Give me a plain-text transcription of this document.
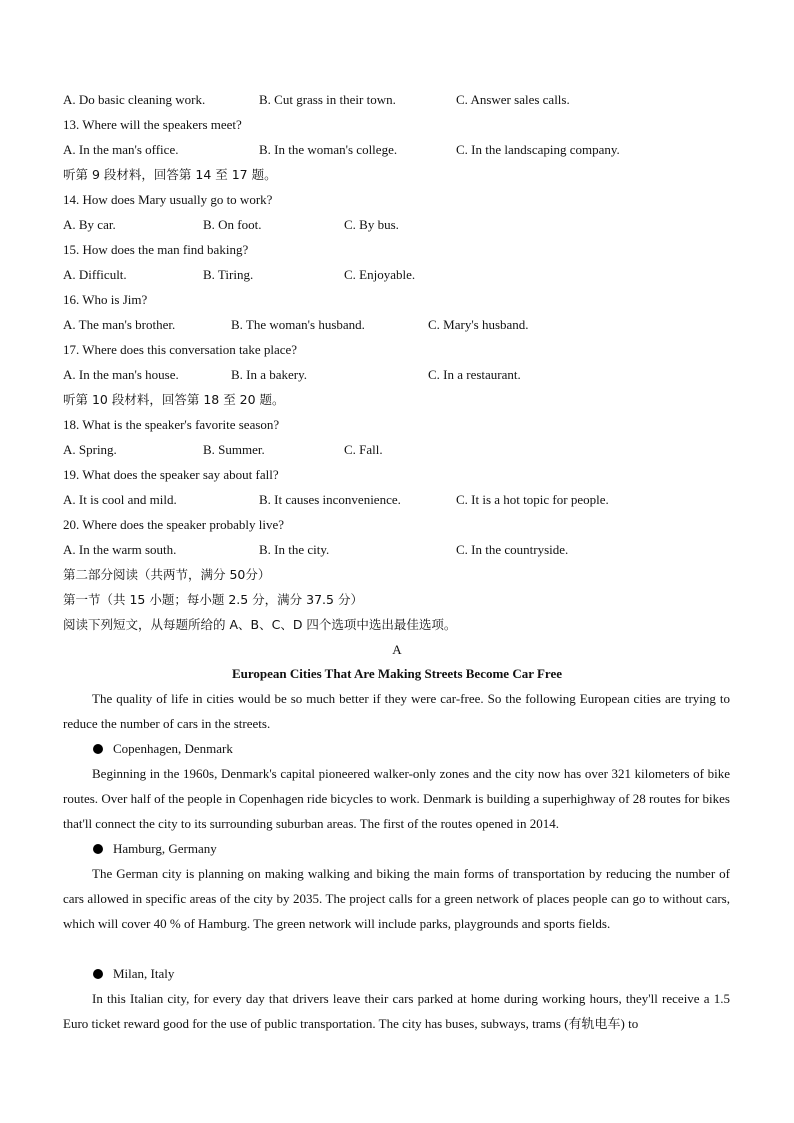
A. Do basic cleaning work.	B. Cut grass in their town.	C. Answer sales calls.
13. Where will the speakers meet?
A. In the man's office.	B. In the woman's college.	C. In the landscaping company.
听第 9 段材料，回答第 14 至 17 题。
14. How does Mary usually go to work?
A. By car.	B. On foot.	C. By bus.
15. How does the man find baking?
A. Difficult.	B. Tiring.	C. Enjoyable.
16. Who is Jim?
A. The man's brother.	B. The woman's husband.	C. Mary's husband.
17. Where does this conversation take place?
A. In the man's house.	B. In a bakery.	C. In a restaurant.
听第 10 段材料，回答第 18 至 20 题。
18. What is the speaker's favorite season?
A. Spring.	B. Summer.	C. Fall.
19. What does the speaker say about fall?
A. It is cool and mild.	B. It causes inconvenience.	C. It is a hot topic for people.
20. Where does the speaker probably live?
A. In the warm south.	B. In the city.	C. In the countryside.
第二部分阅读（共两节，满分 50分）
第一节（共 15 小题；每小题 2.5 分，满分 37.5 分）
阅读下列短文，从每题所给的 A、B、C、D 四个选项中选出最佳选项。
A
European Cities That Are Making Streets Become Car Free
The quality of life in cities would be so much better if they were car-free. So the following European cities are trying to reduce the number of cars in the streets.
Copenhagen, Denmark
Beginning in the 1960s, Denmark's capital pioneered walker-only zones and the city now has over 321 kilometers of bike routes. Over half of the people in Copenhagen ride bicycles to work. Denmark is building a superhighway of 28 routes for bikes that'll connect the city to its surrounding suburban areas. The first of the routes opened in 2014.
Hamburg, Germany
The German city is planning on making walking and biking the main forms of transportation by reducing the number of cars allowed in specific areas of the city by 2035. The project calls for a green network of places people can go to without cars, which will cover 40 % of Hamburg. The green network will include parks, playgrounds and sports fields.
Milan, Italy
In this Italian city, for every day that drivers leave their cars parked at home during working hours, they'll receive a 1.5 Euro ticket reward good for the use of public transportation. The city has buses, subways, trams (有轨电车) to
